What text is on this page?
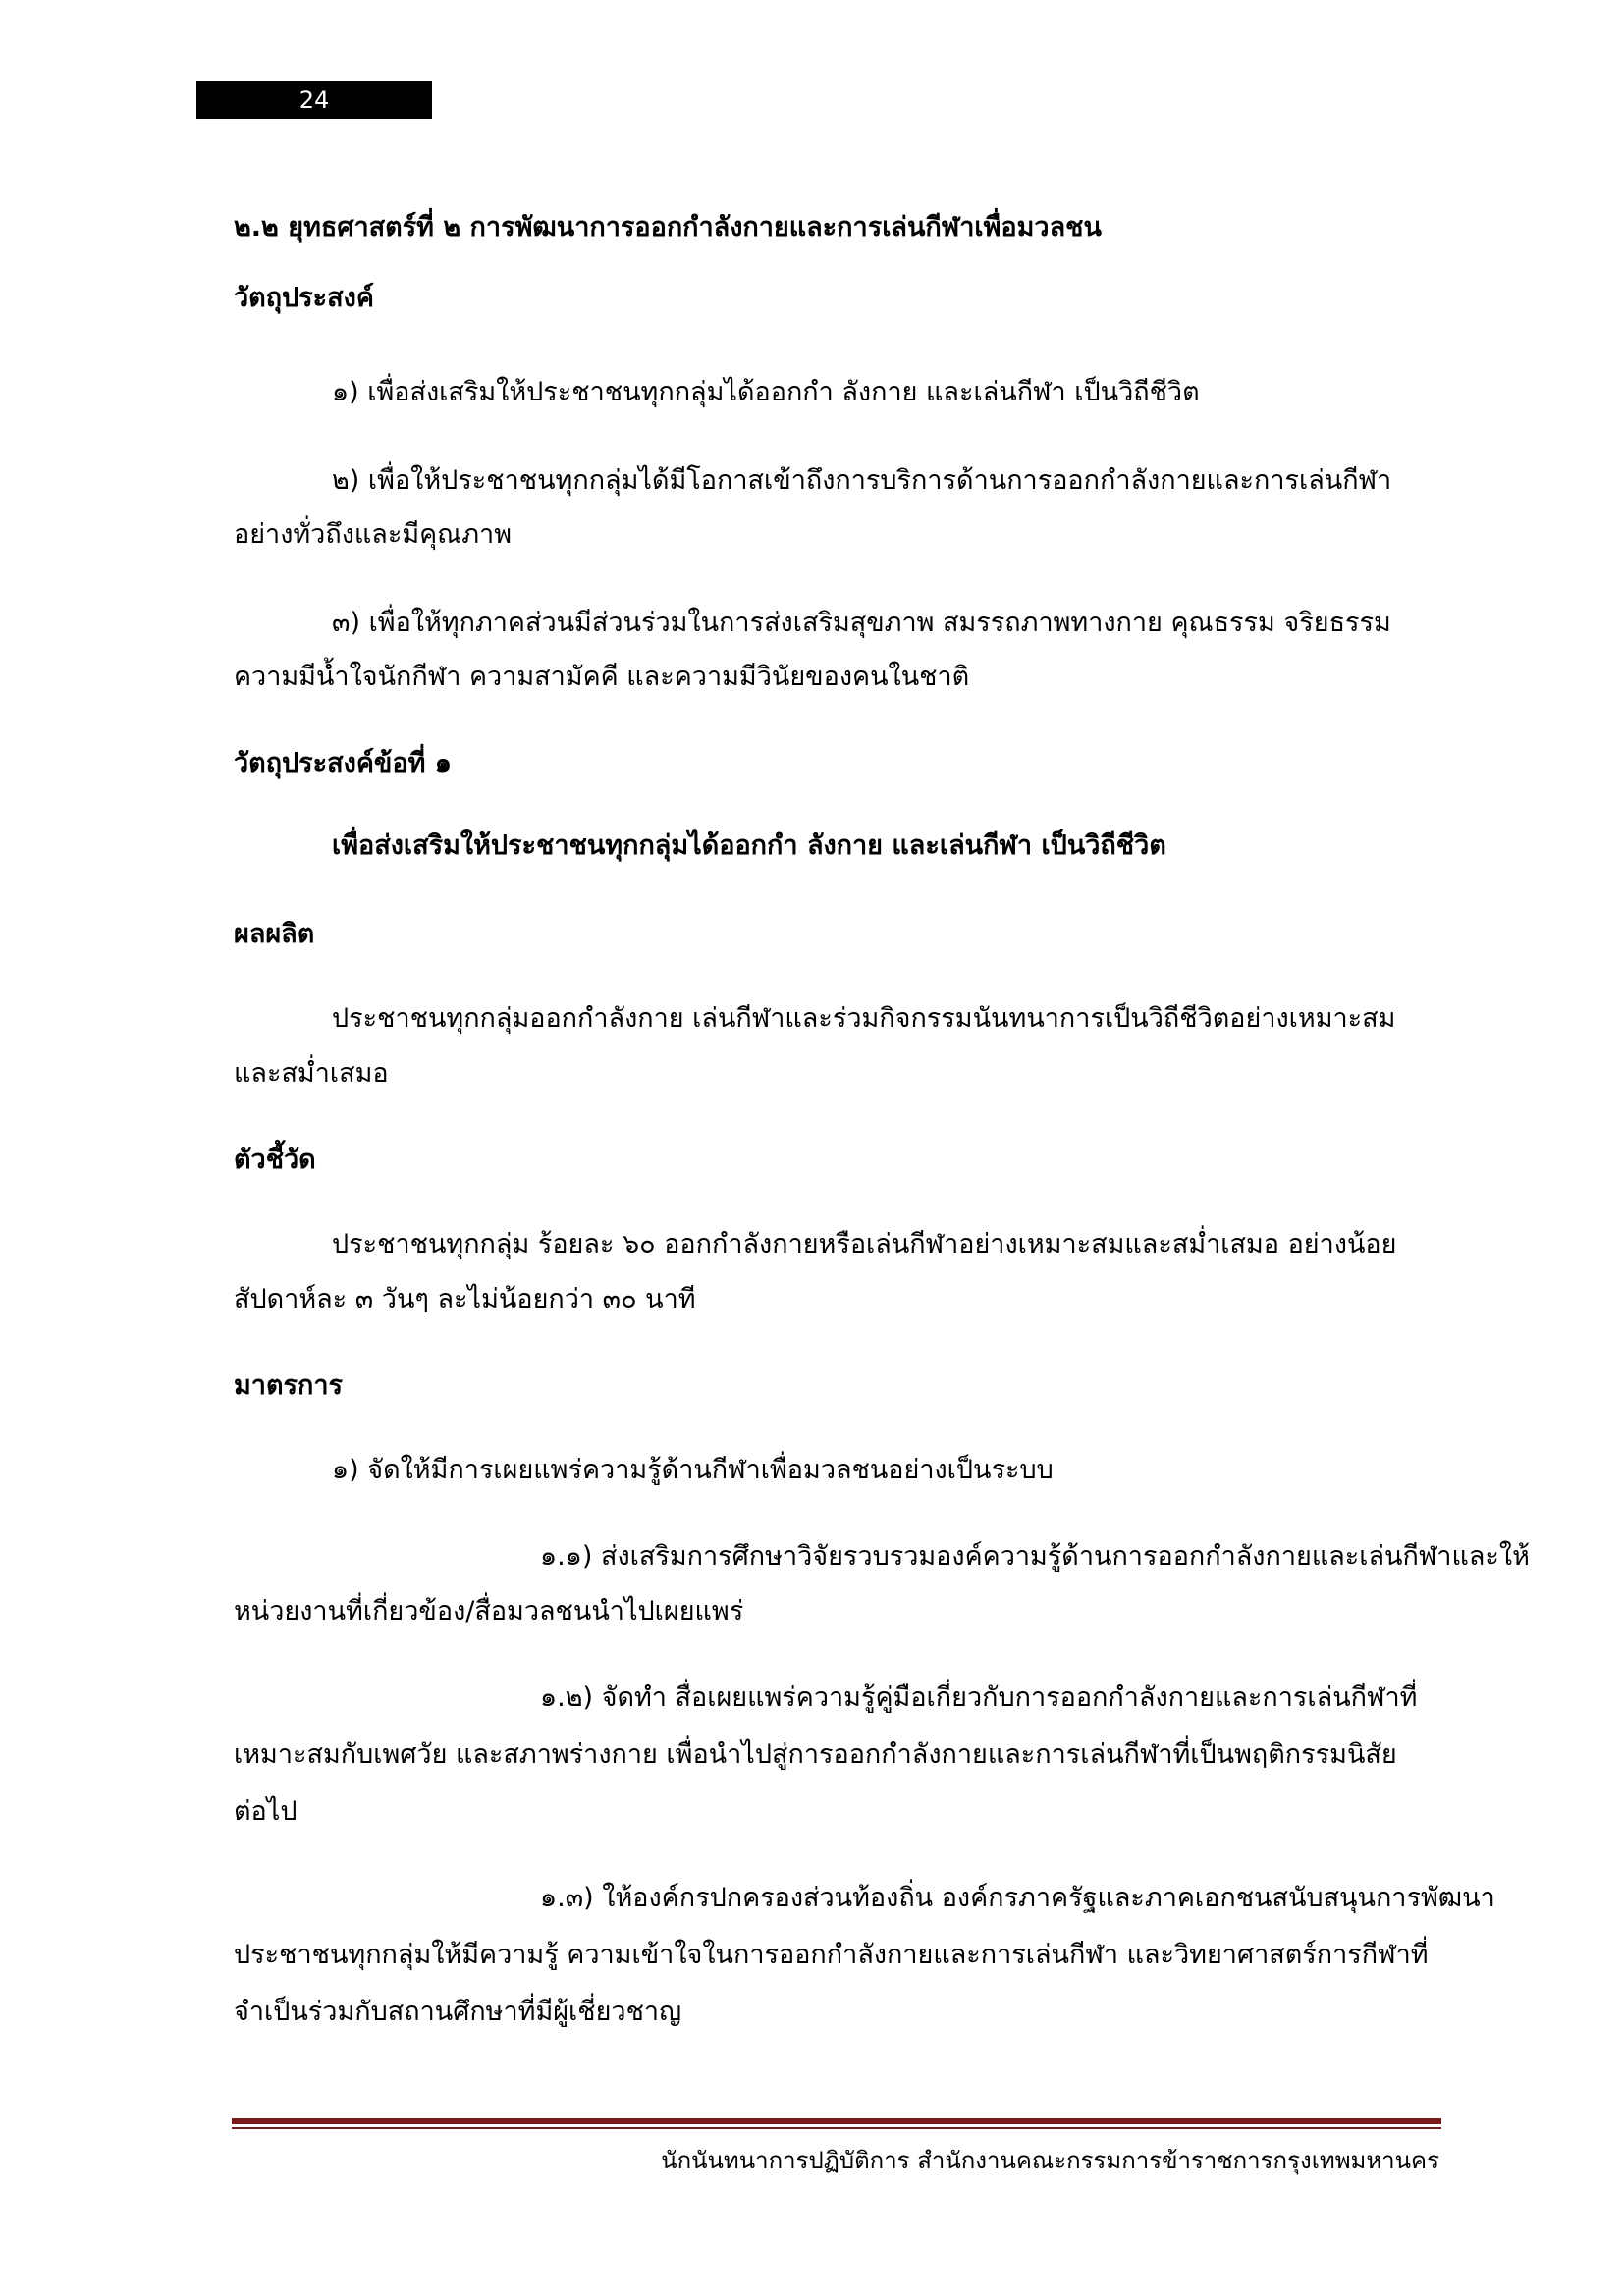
24
๒.๒ ยุทธศาสตร์ที่ ๒ การพัฒนาการออกกำลังกายและการเล่นกีฬาเพื่อมวลชน
วัตถุประสงค์
๑) เพื่อส่งเสริมให้ประชาชนทุกกลุ่มได้ออกกำ ลังกาย และเล่นกีฬา เป็นวิถีชีวิต
๒) เพื่อให้ประชาชนทุกกลุ่มได้มีโอกาสเข้าถึงการบริการด้านการออกกำลังกายและการเล่นกีฬา
อย่างทั่วถึงและมีคุณภาพ
๓) เพื่อให้ทุกภาคส่วนมีส่วนร่วมในการส่งเสริมสุขภาพ สมรรถภาพทางกาย คุณธรรม จริยธรรม
ความมีน้ำใจนักกีฬา ความสามัคคี และความมีวินัยของคนในชาติ
วัตถุประสงค์ข้อที่ ๑
เพื่อส่งเสริมให้ประชาชนทุกกลุ่มได้ออกกำ ลังกาย และเล่นกีฬา เป็นวิถีชีวิต
ผลผลิต
ประชาชนทุกกลุ่มออกกำลังกาย เล่นกีฬาและร่วมกิจกรรมนันทนาการเป็นวิถีชีวิตอย่างเหมาะสม
และสม่ำเสมอ
ตัวชี้วัด
ประชาชนทุกกลุ่ม ร้อยละ ๖๐ ออกกำลังกายหรือเล่นกีฬาอย่างเหมาะสมและสม่ำเสมอ อย่างน้อย
สัปดาห์ละ ๓ วันๆ ละไม่น้อยกว่า ๓๐ นาที
มาตรการ
๑) จัดให้มีการเผยแพร่ความรู้ด้านกีฬาเพื่อมวลชนอย่างเป็นระบบ
๑.๑) ส่งเสริมการศึกษาวิจัยรวบรวมองค์ความรู้ด้านการออกกำลังกายและเล่นกีฬาและให้
หน่วยงานที่เกี่ยวข้อง/สื่อมวลชนนำไปเผยแพร่
๑.๒) จัดทำ สื่อเผยแพร่ความรู้คู่มือเกี่ยวกับการออกกำลังกายและการเล่นกีฬาที่
เหมาะสมกับเพศวัย และสภาพร่างกาย เพื่อนำไปสู่การออกกำลังกายและการเล่นกีฬาที่เป็นพฤติกรรมนิสัย
ต่อไป
๑.๓) ให้องค์กรปกครองส่วนท้องถิ่น องค์กรภาครัฐและภาคเอกชนสนับสนุนการพัฒนา
ประชาชนทุกกลุ่มให้มีความรู้ ความเข้าใจในการออกกำลังกายและการเล่นกีฬา และวิทยาศาสตร์การกีฬาที่
จำเป็นร่วมกับสถานศึกษาที่มีผู้เชี่ยวชาญ
นักนันทนาการปฏิบัติการ สำนักงานคณะกรรมการข้าราชการกรุงเทพมหานคร
